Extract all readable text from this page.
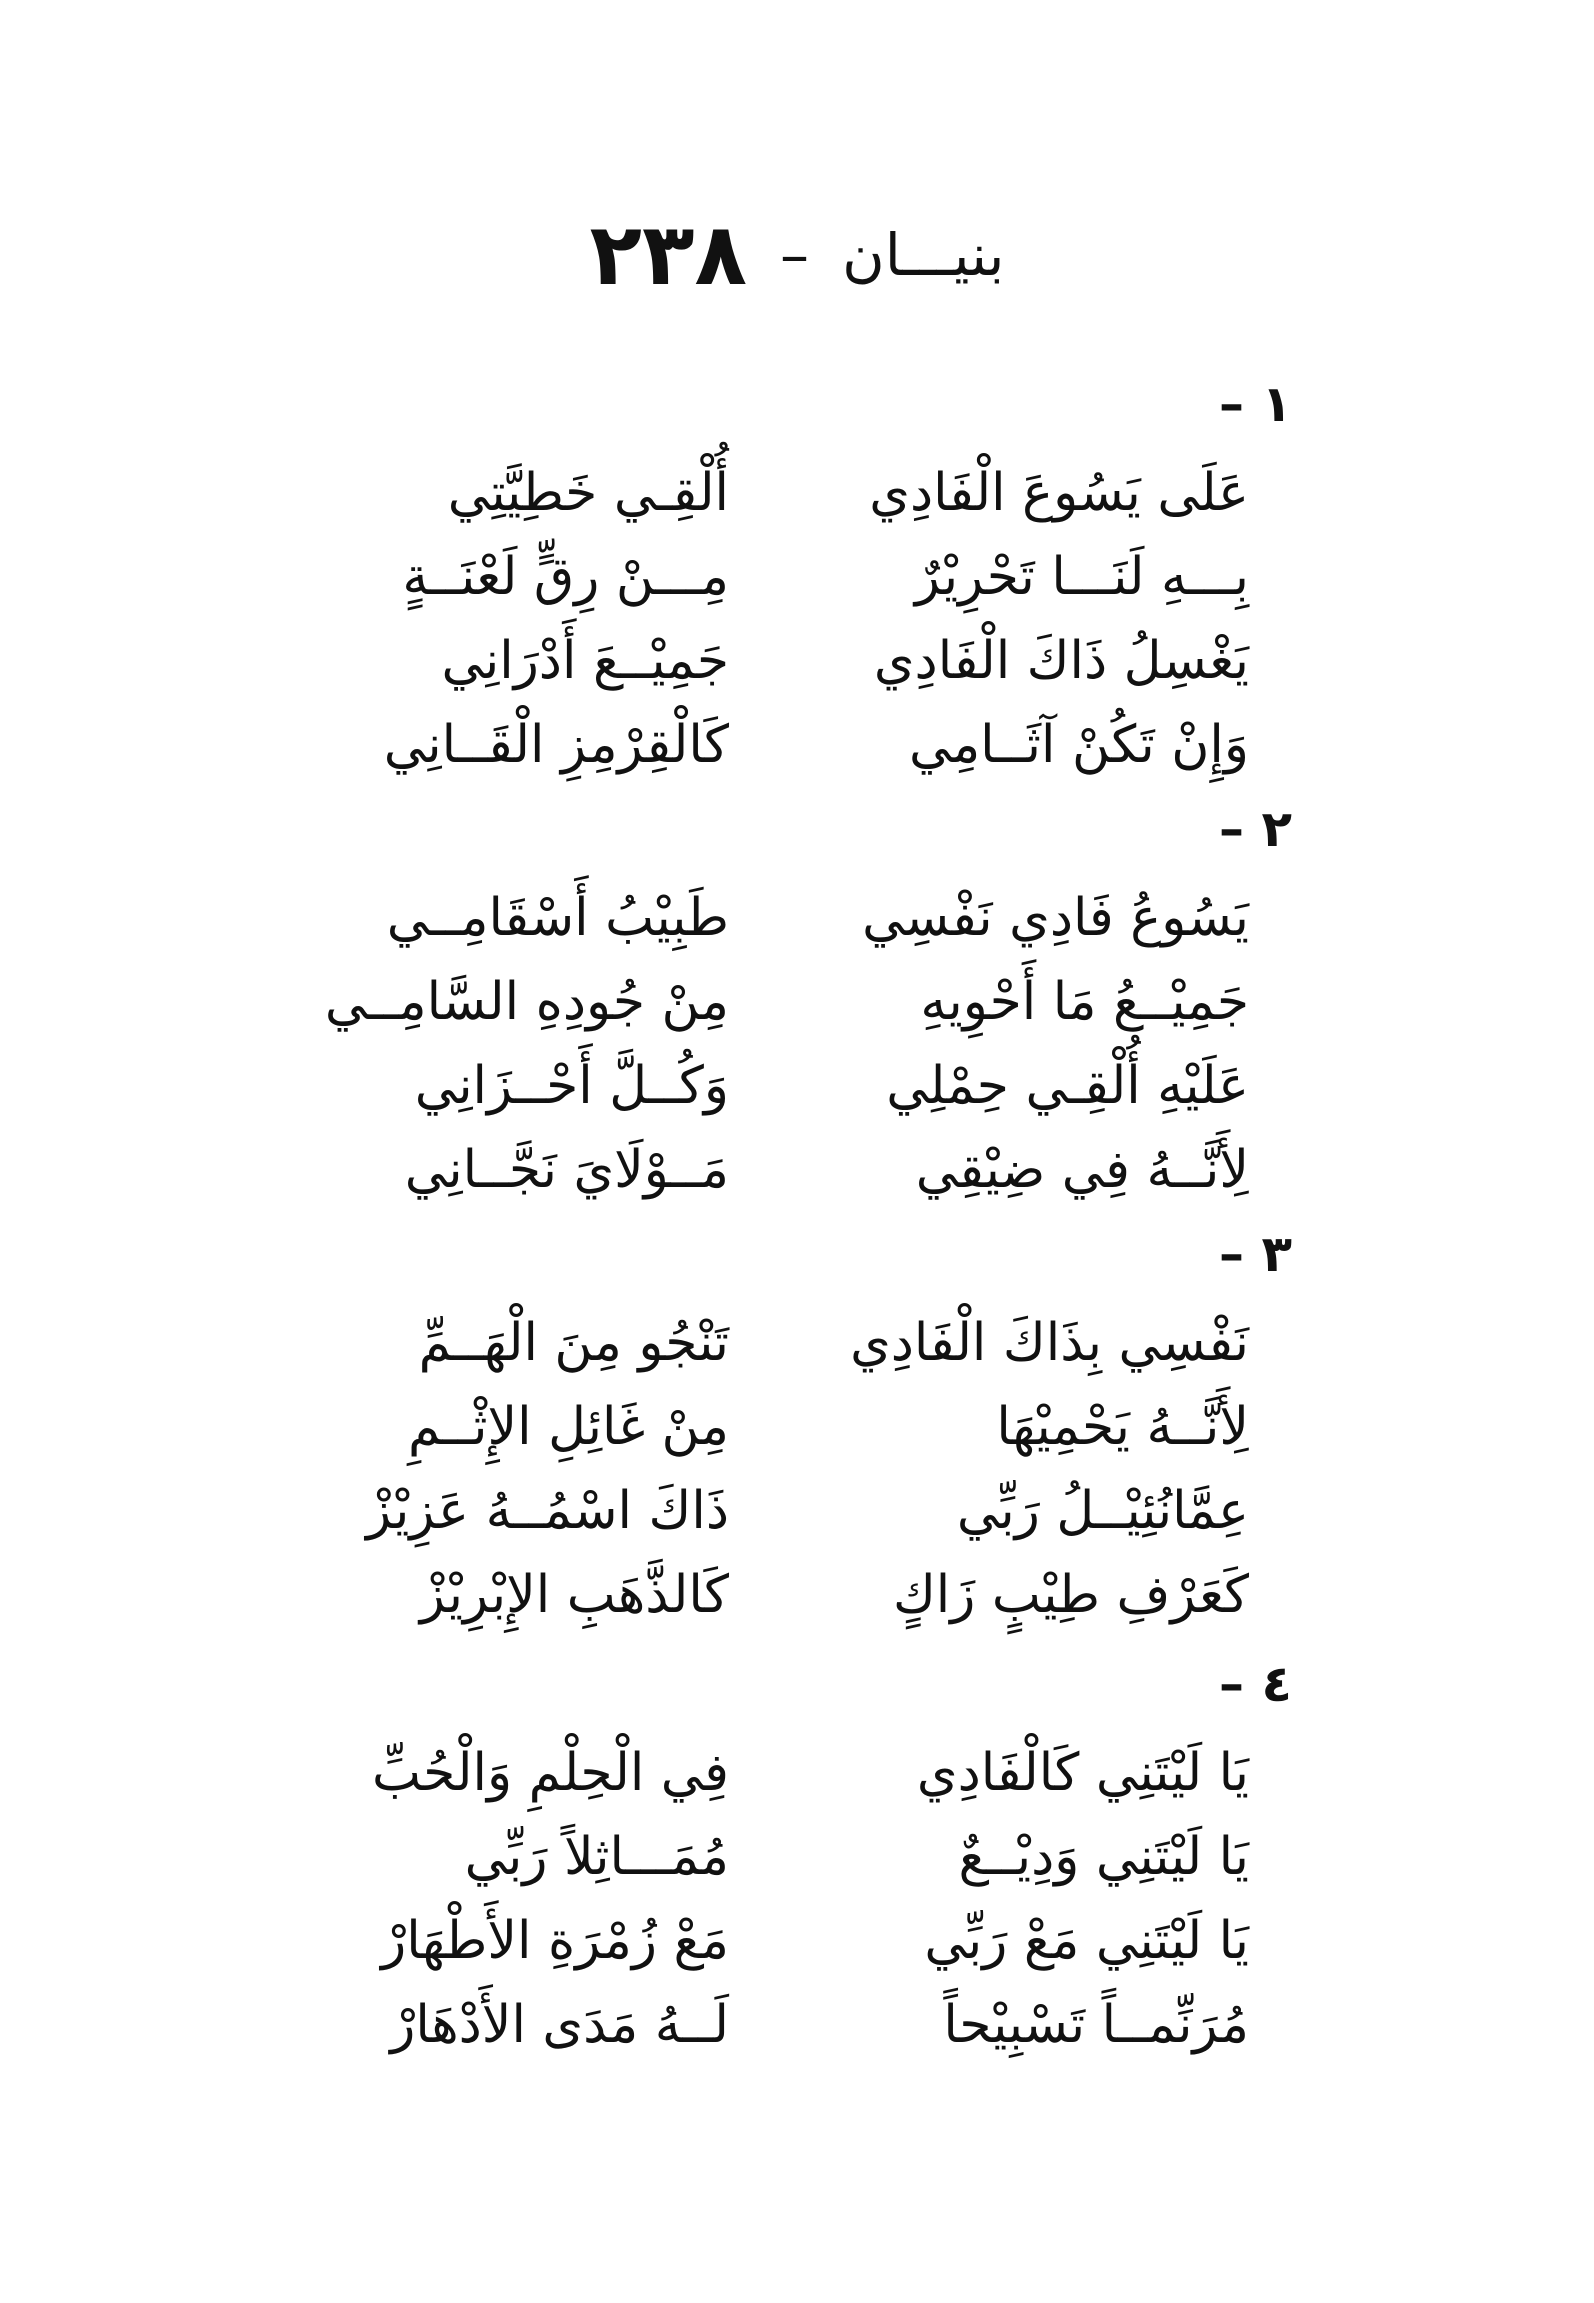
بنيـــان – ٢٣٨
١ –
عَلَى يَسُوعَ الْفَادِي
أُلْقِـي خَطِيَّتِي
بِـــهِ لَنَـــا تَحْرِيْرٌ
مِـــنْ رِقٍّ لَعْنَــةٍ
يَغْسِلُ ذَاكَ الْفَادِي
جَمِيْــعَ أَدْرَانِي
وَإِنْ تَكُنْ آثَــامِي
كَالْقِرْمِزِ الْقَــانِي
٢ –
يَسُوعُ فَادِي نَفْسِي
طَبِيْبُ أَسْقَامِــي
جَمِيْــعُ مَا أَحْوِيهِ
مِنْ جُودِهِ السَّامِــي
عَلَيْهِ أُلْقِـي حِمْلِي
وَكُــلَّ أَحْــزَانِي
لِأَنَّــهُ فِي ضِيْقِي
مَــوْلَايَ نَجَّــانِي
٣ –
نَفْسِي بِذَاكَ الْفَادِي
تَنْجُو مِنَ الْهَــمِّ
لِأَنَّــهُ يَحْمِيْهَا
مِنْ غَائِلِ الإِثْــمِ
عِمَّانُئِيْــلُ رَبِّي
ذَاكَ اسْمُــهُ عَزِيْزْ
كَعَرْفِ طِيْبٍ زَاكٍ
كَالذَّهَبِ الإِبْرِيْزْ
٤ –
يَا لَيْتَنِي كَالْفَادِي
فِي الْحِلْمِ وَالْحُبِّ
يَا لَيْتَنِي وَدِيْــعٌ
مُمَـــاثِلاً رَبِّي
يَا لَيْتَنِي مَعْ رَبِّي
مَعْ زُمْرَةِ الأَطْهَارْ
مُرَنِّمــاً تَسْبِيْحاً
لَــهُ مَدَى الأَدْهَارْ
